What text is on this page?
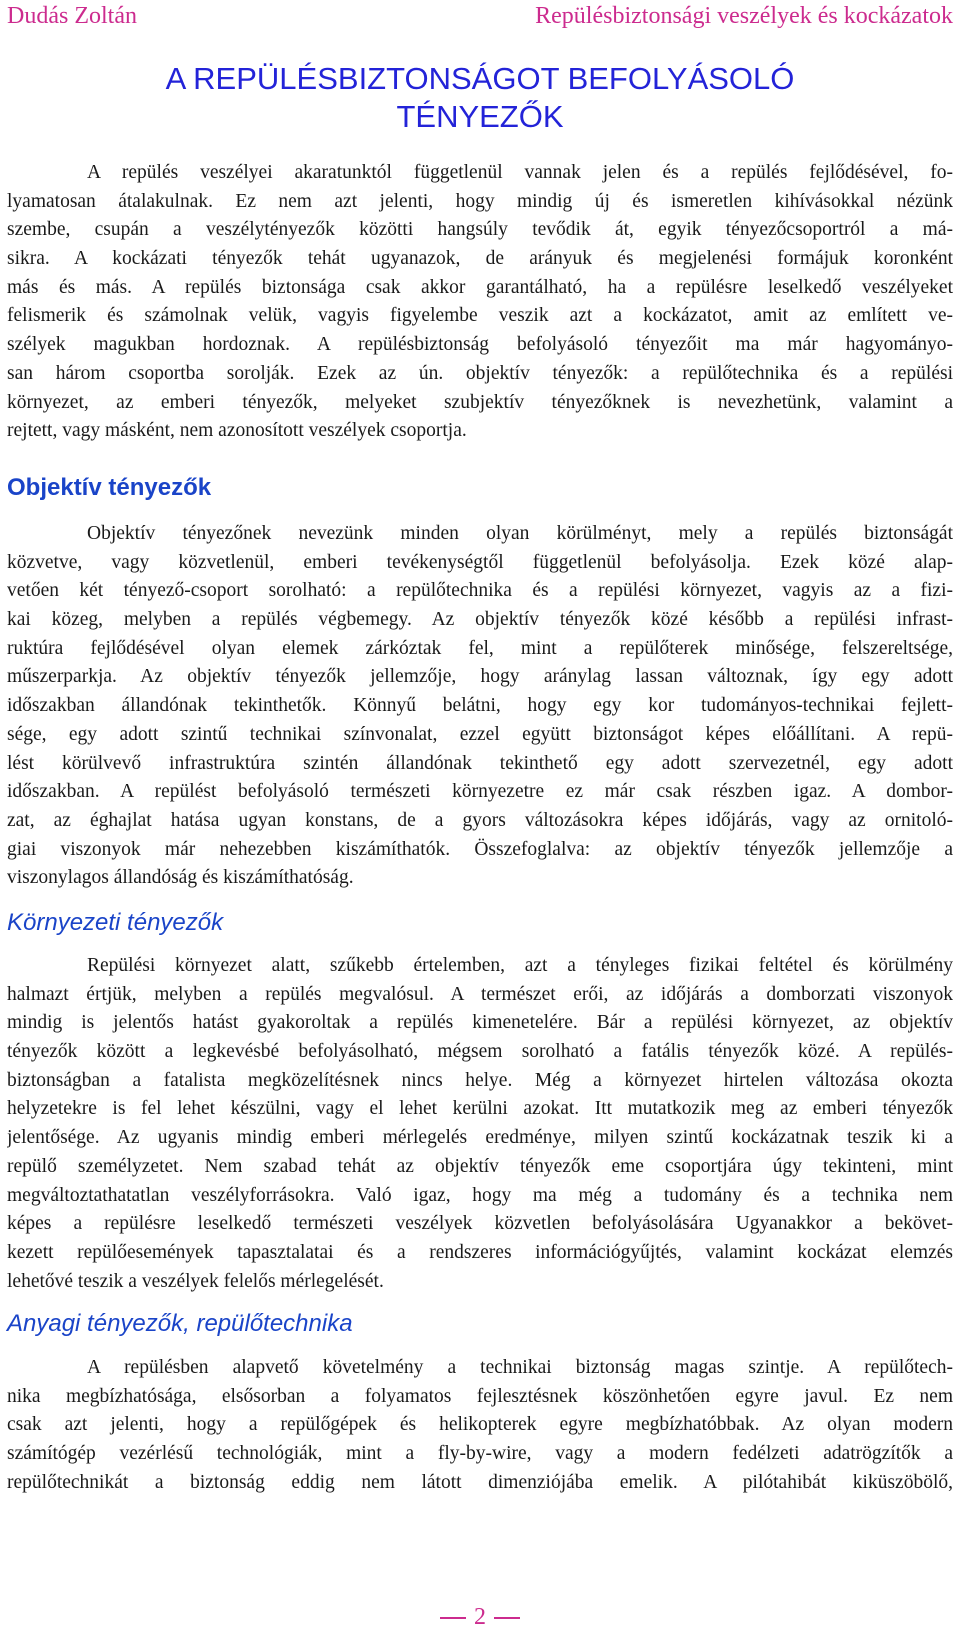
Dudás Zoltán	Repülésbiztonsági veszélyek és kockázatok
A REPÜLÉSBIZTONSÁGOT BEFOLYÁSOLÓ
TÉNYEZŐK
A repülés veszélyei akaratunktól függetlenül vannak jelen és a repülés fejlődésével, fo-
lyamatosan átalakulnak. Ez nem azt jelenti, hogy mindig új és ismeretlen kihívásokkal nézünk
szembe, csupán a veszélytényezők közötti hangsúly tevődik át, egyik tényezőcsoportról a má-
sikra. A kockázati tényezők tehát ugyanazok, de arányuk és megjelenési formájuk koronként
más és más. A repülés biztonsága csak akkor garantálható, ha a repülésre leselkedő veszélyeket
felismerik és számolnak velük, vagyis figyelembe veszik azt a kockázatot, amit az említett ve-
szélyek magukban hordoznak. A repülésbiztonság befolyásoló tényezőit ma már hagyományo-
san három csoportba sorolják. Ezek az ún. objektív tényezők: a repülőtechnika és a repülési
környezet, az emberi tényezők, melyeket szubjektív tényezőknek is nevezhetünk, valamint a
rejtett, vagy másként, nem azonosított veszélyek csoportja.
Objektív tényezők
Objektív tényezőnek nevezünk minden olyan körülményt, mely a repülés biztonságát
közvetve, vagy közvetlenül, emberi tevékenységtől függetlenül befolyásolja. Ezek közé alap-
vetően két tényező-csoport sorolható: a repülőtechnika és a repülési környezet, vagyis az a fizi-
kai közeg, melyben a repülés végbemegy. Az objektív tényezők közé később a repülési infrast-
ruktúra fejlődésével olyan elemek zárkóztak fel, mint a repülőterek minősége, felszereltsége,
műszerparkja. Az objektív tényezők jellemzője, hogy aránylag lassan változnak, így egy adott
időszakban állandónak tekinthetők. Könnyű belátni, hogy egy kor tudományos-technikai fejlett-
sége, egy adott szintű technikai színvonalat, ezzel együtt biztonságot képes előállítani. A repü-
lést körülvevő infrastruktúra szintén állandónak tekinthető egy adott szervezetnél, egy adott
időszakban. A repülést befolyásoló természeti környezetre ez már csak részben igaz. A dombor-
zat, az éghajlat hatása ugyan konstans, de a gyors változásokra képes időjárás, vagy az ornitoló-
giai viszonyok már nehezebben kiszámíthatók. Összefoglalva: az objektív tényezők jellemzője a
viszonylagos állandóság és kiszámíthatóság.
Környezeti tényezők
Repülési környezet alatt, szűkebb értelemben, azt a tényleges fizikai feltétel és körülmény
halmazt értjük, melyben a repülés megvalósul. A természet erői, az időjárás a domborzati viszonyok
mindig is jelentős hatást gyakoroltak a repülés kimenetelére. Bár a repülési környezet, az objektív
tényezők között a legkevésbé befolyásolható, mégsem sorolható a fatális tényezők közé. A repülés-
biztonságban a fatalista megközelítésnek nincs helye. Még a környezet hirtelen változása okozta
helyzetekre is fel lehet készülni, vagy el lehet kerülni azokat. Itt mutatkozik meg az emberi tényezők
jelentősége. Az ugyanis mindig emberi mérlegelés eredménye, milyen szintű kockázatnak teszik ki a
repülő személyzetet. Nem szabad tehát az objektív tényezők eme csoportjára úgy tekinteni, mint
megváltoztathatatlan veszélyforrásokra. Való igaz, hogy ma még a tudomány és a technika nem
képes a repülésre leselkedő természeti veszélyek közvetlen befolyásolására Ugyanakkor a bekövet-
kezett repülőesemények tapasztalatai és a rendszeres információgyűjtés, valamint kockázat elemzés
lehetővé teszik a veszélyek felelős mérlegelését.
Anyagi tényezők, repülőtechnika
A repülésben alapvető követelmény a technikai biztonság magas szintje. A repülőtech-
nika megbízhatósága, elsősorban a folyamatos fejlesztésnek köszönhetően egyre javul. Ez nem
csak azt jelenti, hogy a repülőgépek és helikopterek egyre megbízhatóbbak. Az olyan modern
számítógép vezérlésű technológiák, mint a fly-by-wire, vagy a modern fedélzeti adatrögzítők a
repülőtechnikát a biztonság eddig nem látott dimenziójába emelik. A pilótahibát kiküszöbölő,
2
